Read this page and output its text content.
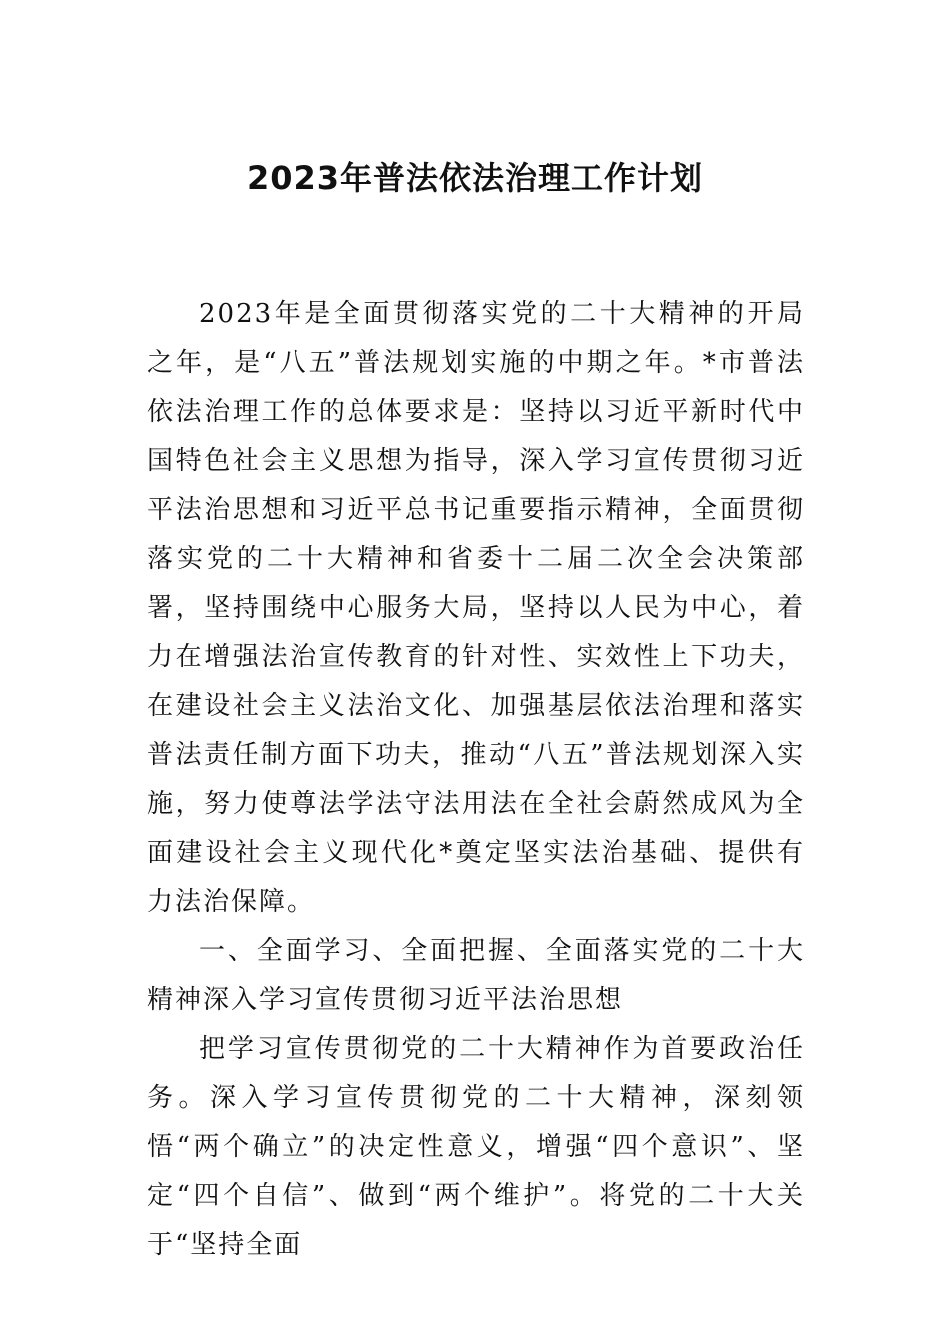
2023年普法依法治理工作计划

2023年是全面贯彻落实党的二十大精神的开局之年，是“八五”普法规划实施的中期之年。*市普法依法治理工作的总体要求是：坚持以习近平新时代中国特色社会主义思想为指导，深入学习宣传贯彻习近平法治思想和习近平总书记重要指示精神，全面贯彻落实党的二十大精神和省委十二届二次全会决策部署，坚持围绕中心服务大局，坚持以人民为中心，着力在增强法治宣传教育的针对性、实效性上下功夫，在建设社会主义法治文化、加强基层依法治理和落实普法责任制方面下功夫，推动“八五”普法规划深入实施，努力使尊法学法守法用法在全社会蔚然成风为全面建设社会主义现代化*奠定坚实法治基础、提供有力法治保障。

一、全面学习、全面把握、全面落实党的二十大精神深入学习宣传贯彻习近平法治思想

把学习宣传贯彻党的二十大精神作为首要政治任务。深入学习宣传贯彻党的二十大精神，深刻领悟“两个确立”的决定性意义，增强“四个意识”、坚定“四个自信”、做到“两个维护”。将党的二十大关于“坚持全面
